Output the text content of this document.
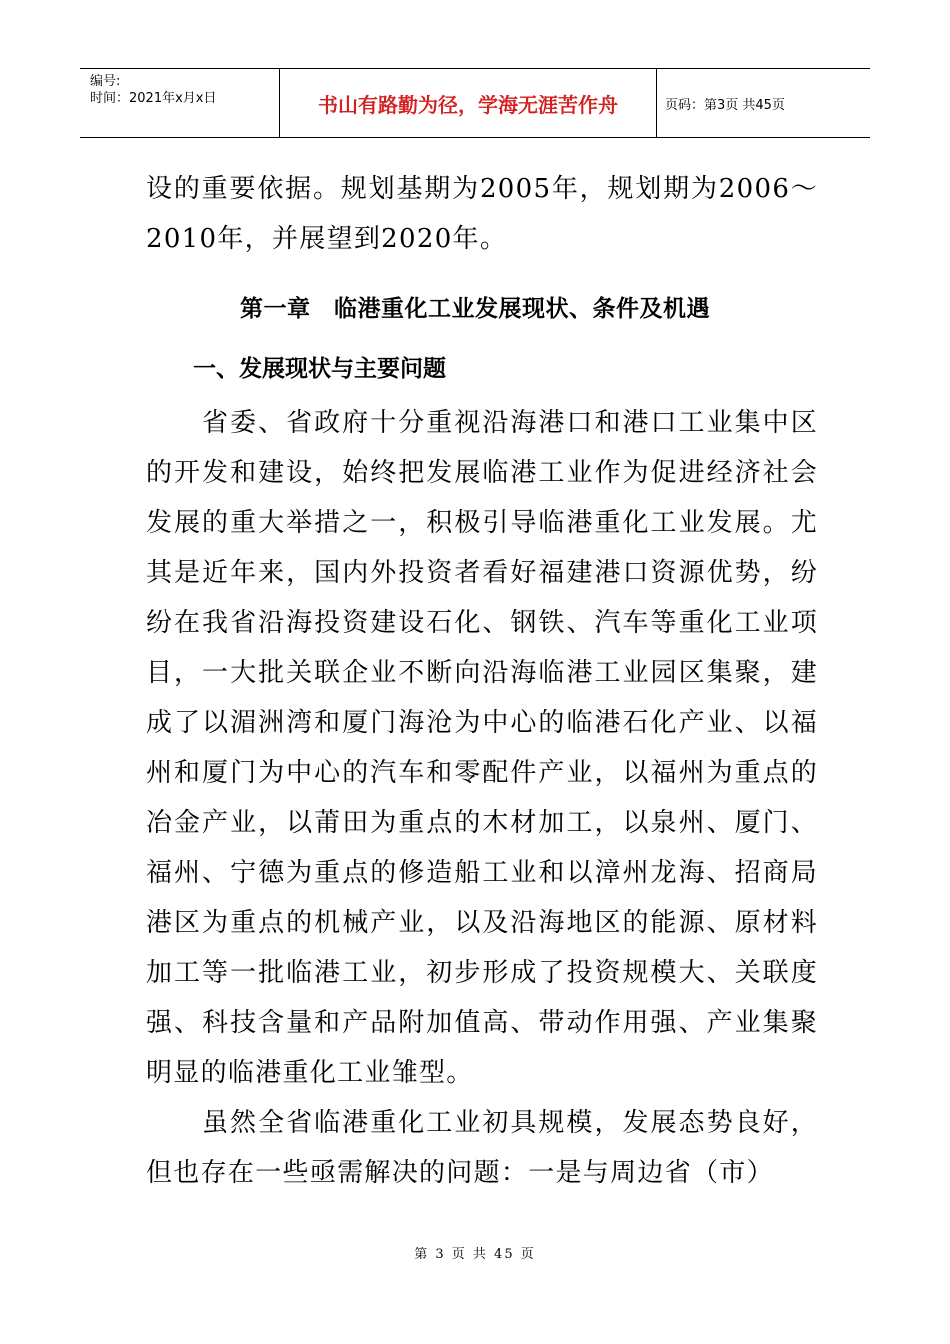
编号:
时间：2021年x月x日	书山有路勤为径，学海无涯苦作舟	页码：第3页 共45页

设的重要依据。规划基期为2005年，规划期为2006～2010年，并展望到2020年。

第一章　临港重化工业发展现状、条件及机遇
一、发展现状与主要问题

省委、省政府十分重视沿海港口和港口工业集中区的开发和建设，始终把发展临港工业作为促进经济社会发展的重大举措之一，积极引导临港重化工业发展。尤其是近年来，国内外投资者看好福建港口资源优势，纷纷在我省沿海投资建设石化、钢铁、汽车等重化工业项目，一大批关联企业不断向沿海临港工业园区集聚，建成了以湄洲湾和厦门海沧为中心的临港石化产业、以福州和厦门为中心的汽车和零配件产业，以福州为重点的冶金产业，以莆田为重点的木材加工，以泉州、厦门、福州、宁德为重点的修造船工业和以漳州龙海、招商局港区为重点的机械产业，以及沿海地区的能源、原材料加工等一批临港工业，初步形成了投资规模大、关联度强、科技含量和产品附加值高、带动作用强、产业集聚明显的临港重化工业雏型。

虽然全省临港重化工业初具规模，发展态势良好，但也存在一些亟需解决的问题：一是与周边省（市）

第 3 页 共 45 页
